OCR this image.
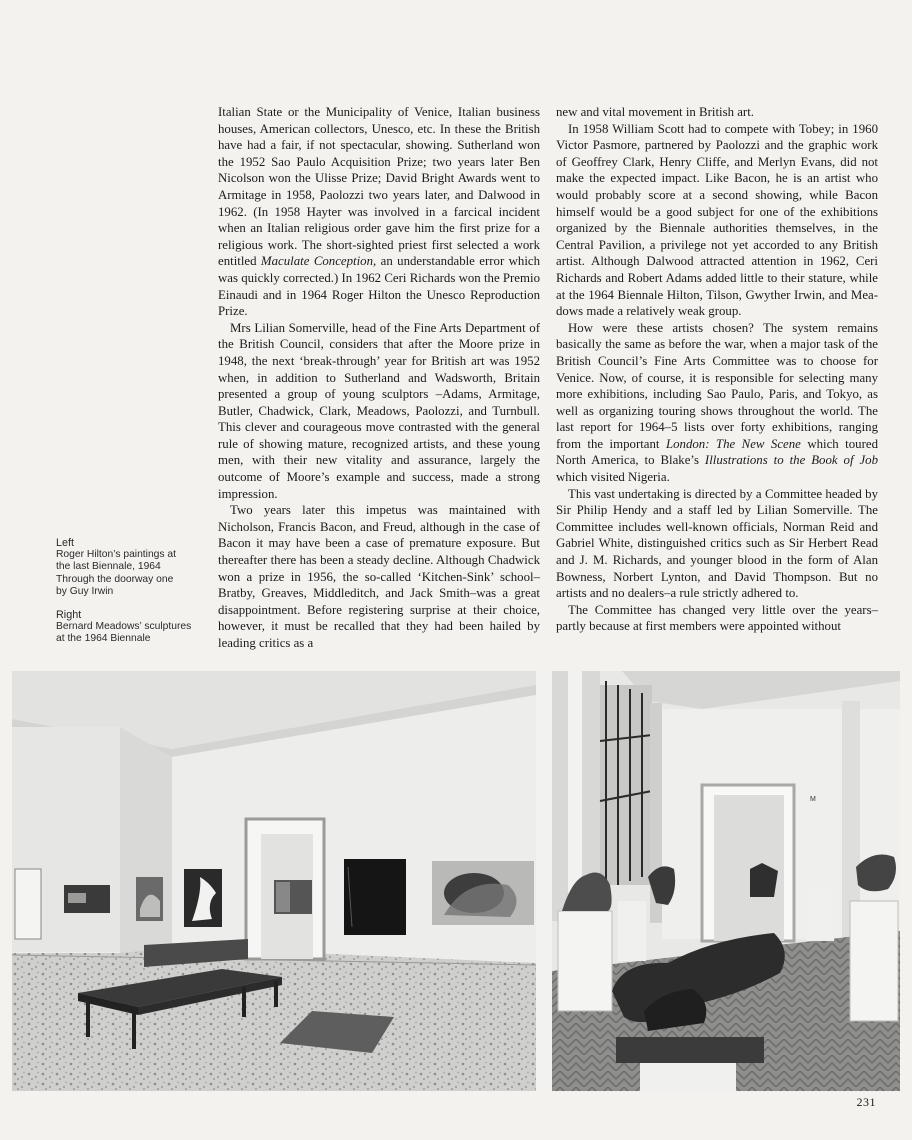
Left
Roger Hilton’s paintings at
the last Biennale, 1964
Through the doorway one
by Guy Irwin
Right
Bernard Meadows’ sculptures
at the 1964 Biennale

Italian State or the Municipality of Venice, Italian business houses, American collectors, Unesco, etc. In these the British have had a fair, if not spectacular, showing. Sutherland won the 1952 Sao Paulo Acquisition Prize; two years later Ben Nicolson won the Ulisse Prize; David Bright Awards went to Armitage in 1958, Paolozzi two years later, and Dalwood in 1962. (In 1958 Hayter was involved in a farcical incident when an Italian religious order gave him the first prize for a religious work. The short-sighted priest first selected a work entitled Maculate Conception, an understandable error which was quickly corrected.) In 1962 Ceri Richards won the Premio Einaudi and in 1964 Roger Hilton the Unesco Reproduction Prize.

Mrs Lilian Somerville, head of the Fine Arts Department of the British Council, considers that after the Moore prize in 1948, the next ‘break-through’ year for British art was 1952 when, in addition to Sutherland and Wadsworth, Britain presented a group of young sculptors –Adams, Armitage, Butler, Chadwick, Clark, Meadows, Paolozzi, and Turnbull. This clever and courageous move contrasted with the general rule of showing mature, recognized artists, and these young men, with their new vitality and assurance, largely the outcome of Moore’s example and success, made a strong impression.

Two years later this impetus was maintained with Nicholson, Francis Bacon, and Freud, although in the case of Bacon it may have been a case of premature exposure. But thereafter there has been a steady decline. Although Chadwick won a prize in 1956, the so-called ‘Kitchen-Sink’ school–Bratby, Greaves, Middleditch, and Jack Smith–was a great disappointment. Before registering surprise at their choice, however, it must be recalled that they had been hailed by leading critics as a

new and vital movement in British art.

In 1958 William Scott had to compete with Tobey; in 1960 Victor Pasmore, partnered by Paolozzi and the graphic work of Geoffrey Clark, Henry Cliffe, and Merlyn Evans, did not make the expected impact. Like Bacon, he is an artist who would probably score at a second showing, while Bacon himself would be a good subject for one of the exhibitions organized by the Biennale authorities themselves, in the Central Pavilion, a privilege not yet accorded to any British artist. Although Dalwood attracted attention in 1962, Ceri Richards and Robert Adams added little to their stature, while at the 1964 Biennale Hilton, Tilson, Gwyther Irwin, and Meadows made a relatively weak group.

How were these artists chosen? The system remains basically the same as before the war, when a major task of the British Council’s Fine Arts Committee was to choose for Venice. Now, of course, it is responsible for selecting many more exhibitions, including Sao Paulo, Paris, and Tokyo, as well as organizing touring shows throughout the world. The last report for 1964–5 lists over forty exhibitions, ranging from the important London: The New Scene which toured North America, to Blake’s Illustrations to the Book of Job which visited Nigeria.

This vast undertaking is directed by a Committee headed by Sir Philip Hendy and a staff led by Lilian Somerville. The Committee includes well-known officials, Norman Reid and Gabriel White, distinguished critics such as Sir Herbert Read and J. M. Richards, and younger blood in the form of Alan Bowness, Norbert Lynton, and David Thompson. But no artists and no dealers–a rule strictly adhered to.

The Committee has changed very little over the years–partly because at first members were appointed without

M
231
